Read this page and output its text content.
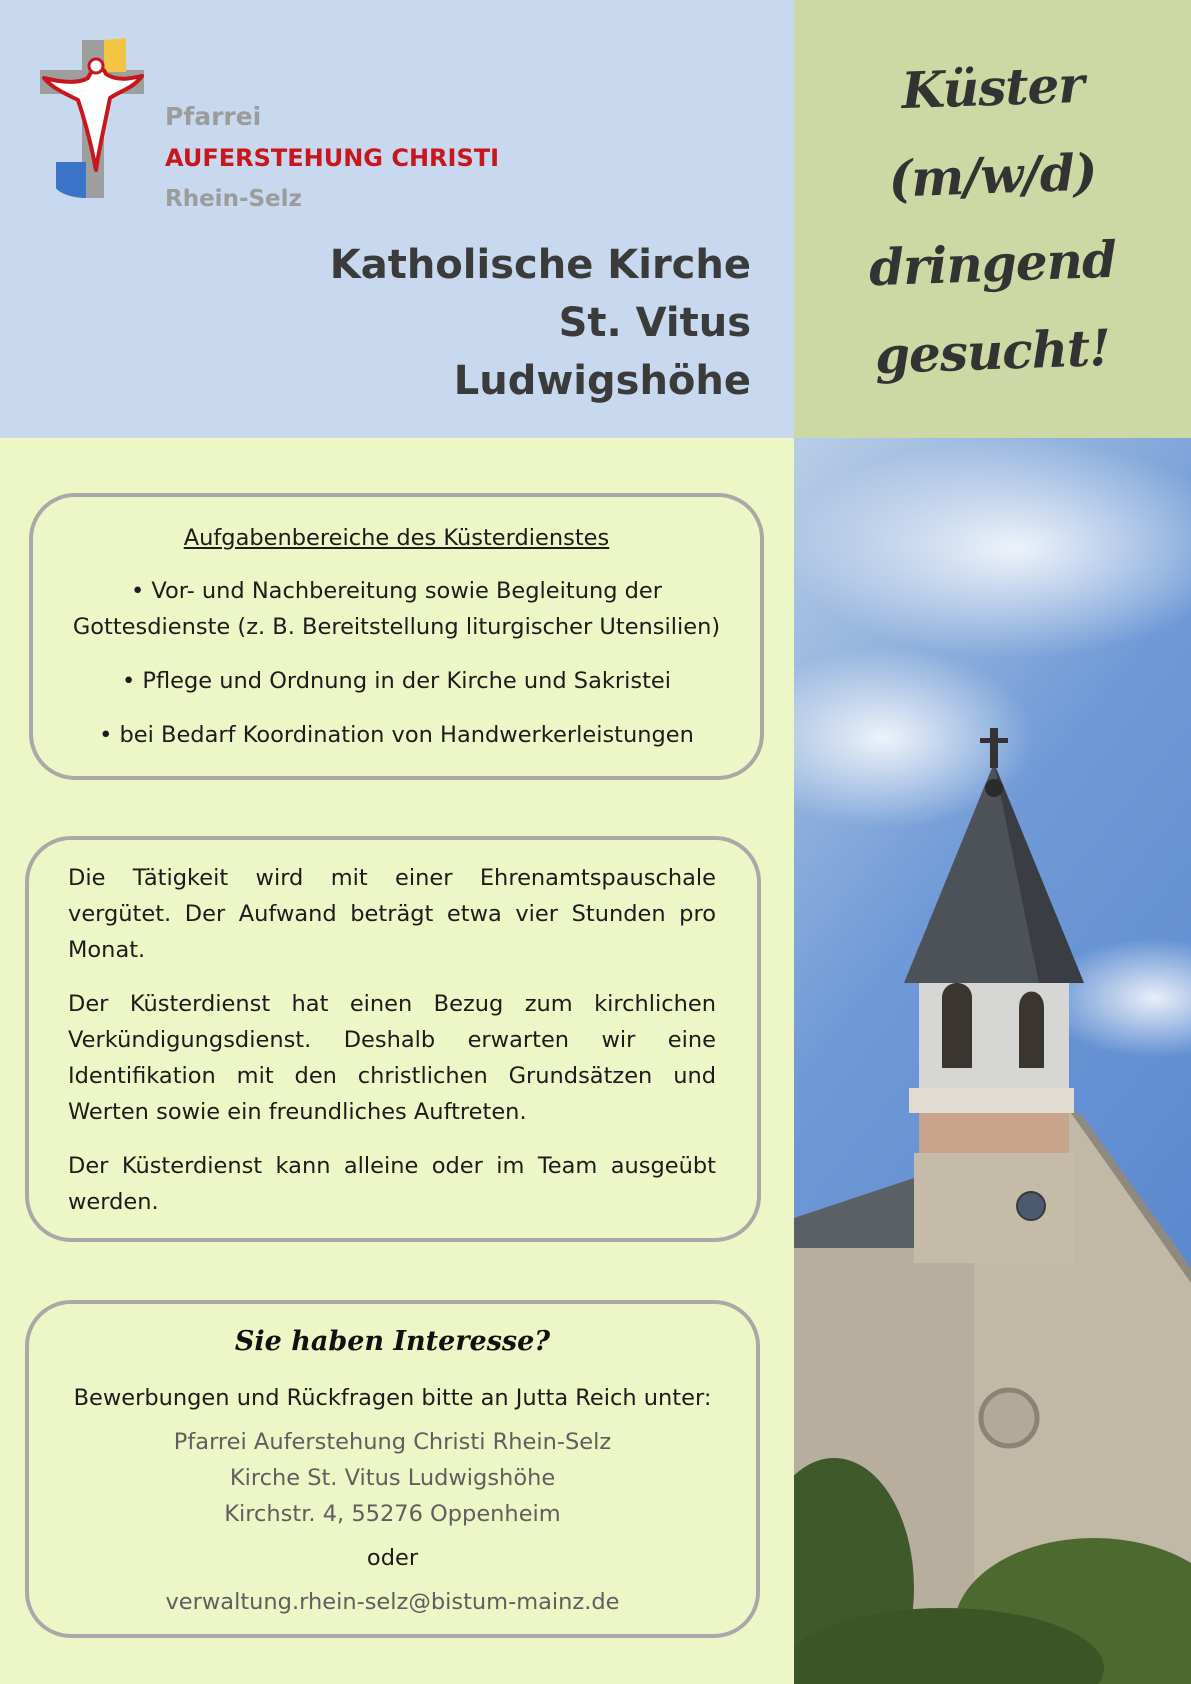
Pfarrei
AUFERSTEHUNG CHRISTI
Rhein-Selz
Katholische Kirche
St. Vitus
Ludwigshöhe
Küster
(m/w/d)
dringend
gesucht!
Aufgabenbereiche des Küsterdienstes
• Vor- und Nachbereitung sowie Begleitung der
Gottesdienste (z. B. Bereitstellung liturgischer Utensilien)
• Pflege und Ordnung in der Kirche und Sakristei
• bei Bedarf Koordination von Handwerkerleistungen
Die Tätigkeit wird mit einer Ehrenamtspauschale vergütet. Der Aufwand beträgt etwa vier Stunden pro Monat.
Der Küsterdienst hat einen Bezug zum kirchlichen Verkündigungsdienst. Deshalb erwarten wir eine Identifikation mit den christlichen Grundsätzen und Werten sowie ein freundliches Auftreten.
Der Küsterdienst kann alleine oder im Team ausgeübt werden.
Sie haben Interesse?
Bewerbungen und Rückfragen bitte an Jutta Reich unter:
Pfarrei Auferstehung Christi Rhein-Selz
Kirche St. Vitus Ludwigshöhe
Kirchstr. 4, 55276 Oppenheim
oder
verwaltung.rhein-selz@bistum-mainz.de
